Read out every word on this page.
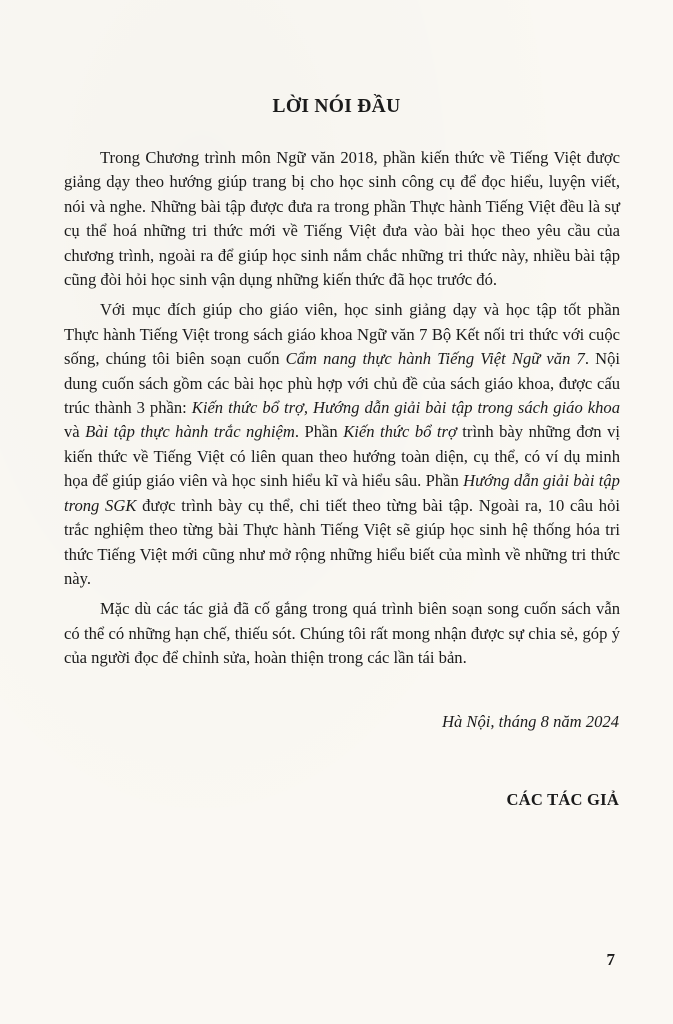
LỜI NÓI ĐẦU

Trong Chương trình môn Ngữ văn 2018, phần kiến thức về Tiếng Việt được giảng dạy theo hướng giúp trang bị cho học sinh công cụ để đọc hiểu, luyện viết, nói và nghe. Những bài tập được đưa ra trong phần Thực hành Tiếng Việt đều là sự cụ thể hoá những tri thức mới về Tiếng Việt đưa vào bài học theo yêu cầu của chương trình, ngoài ra để giúp học sinh nắm chắc những tri thức này, nhiều bài tập cũng đòi hỏi học sinh vận dụng những kiến thức đã học trước đó.

Với mục đích giúp cho giáo viên, học sinh giảng dạy và học tập tốt phần Thực hành Tiếng Việt trong sách giáo khoa Ngữ văn 7 Bộ Kết nối tri thức với cuộc sống, chúng tôi biên soạn cuốn Cẩm nang thực hành Tiếng Việt Ngữ văn 7. Nội dung cuốn sách gồm các bài học phù hợp với chủ đề của sách giáo khoa, được cấu trúc thành 3 phần: Kiến thức bổ trợ, Hướng dẫn giải bài tập trong sách giáo khoa và Bài tập thực hành trắc nghiệm. Phần Kiến thức bổ trợ trình bày những đơn vị kiến thức về Tiếng Việt có liên quan theo hướng toàn diện, cụ thể, có ví dụ minh họa để giúp giáo viên và học sinh hiểu kĩ và hiểu sâu. Phần Hướng dẫn giải bài tập trong SGK được trình bày cụ thể, chi tiết theo từng bài tập. Ngoài ra, 10 câu hỏi trắc nghiệm theo từng bài Thực hành Tiếng Việt sẽ giúp học sinh hệ thống hóa tri thức Tiếng Việt mới cũng như mở rộng những hiểu biết của mình về những tri thức này.

Mặc dù các tác giả đã cố gắng trong quá trình biên soạn song cuốn sách vẫn có thể có những hạn chế, thiếu sót. Chúng tôi rất mong nhận được sự chia sẻ, góp ý của người đọc để chỉnh sửa, hoàn thiện trong các lần tái bản.

Hà Nội, tháng 8 năm 2024
CÁC TÁC GIẢ
7
